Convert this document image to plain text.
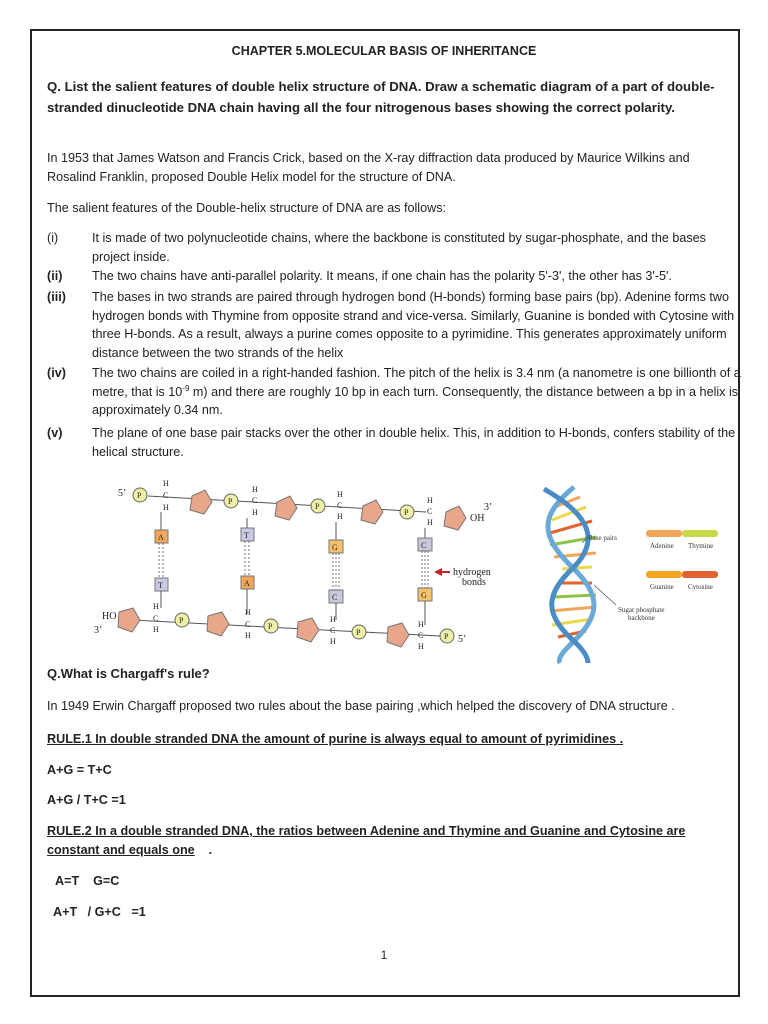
CHAPTER 5.MOLECULAR BASIS OF INHERITANCE
Q. List the salient features of double helix structure of DNA. Draw a schematic diagram of a part of double-stranded dinucleotide DNA chain having all the four nitrogenous bases showing the correct polarity.
In 1953 that James Watson and Francis Crick, based on the X-ray diffraction data produced by Maurice Wilkins and Rosalind Franklin, proposed Double Helix model for the structure of DNA.
The salient features of the Double-helix structure of DNA are as follows:
(i)	It is made of two polynucleotide chains, where the backbone is constituted by sugar-phosphate, and the bases project inside.
(ii) The two chains have anti-parallel polarity. It means, if one chain has the polarity 5'-3', the other has 3'-5'.
(iii) The bases in two strands are paired through hydrogen bond (H-bonds) forming base pairs (bp). Adenine forms two hydrogen bonds with Thymine from opposite strand and vice-versa. Similarly, Guanine is bonded with Cytosine with three H-bonds. As a result, always a purine comes opposite to a pyrimidine. This generates approximately uniform distance between the two strands of the helix
(iv) The two chains are coiled in a right-handed fashion. The pitch of the helix is 3.4 nm (a nanometre is one billionth of a metre, that is $10^{-9}$ m) and there are roughly 10 bp in each turn. Consequently, the distance between a bp in a helix is approximately 0.34 nm.
(v) The plane of one base pair stacks over the other in double helix. This, in addition to H-bonds, confers stability of the helical structure.
5’
3’
OH
HO
3’
5’
P
P
P
P
P
P
P	P
H
C
H
H
C
H
H
C
H
H
C
H
H
C
H
H
C
H
H
C
H
H
C
H
A
T
T
A
G
C
C
G
hydrogen
bonds
Base pairs
Sugar phosphate
backbone
Adenine Thymine
Guanine Cytosine
Q.What is Chargaff's rule?
In 1949 Erwin Chargaff proposed two rules about the base pairing ,which helped the discovery of DNA structure .
RULE.1 In double stranded DNA the amount of purine is always equal to amount of pyrimidines .
A+G = T+C
A+G / T+C =1
RULE.2 In a double stranded DNA, the ratios between Adenine and Thymine and Guanine and Cytosine are
constant and equals one    .
A=T    G=C
A+T   / G+C   =1
1
